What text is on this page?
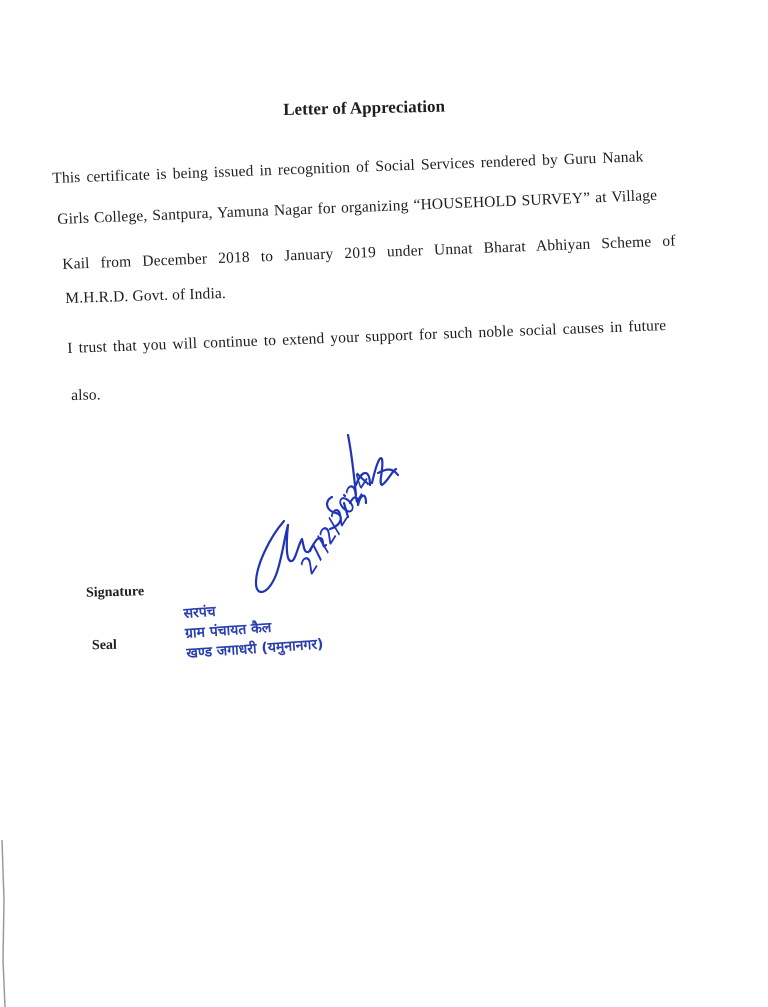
Letter of Appreciation
This certificate is being issued in recognition of Social Services rendered by Guru Nanak
Girls College, Santpura, Yamuna Nagar for organizing “HOUSEHOLD SURVEY” at Village
Kail from December 2018 to January 2019 under Unnat Bharat Abhiyan Scheme of
M.H.R.D. Govt. of India.
I trust that you will continue to extend your support for such noble social causes in future
also.
27/2/2024
Signature
Seal
सरपंच
ग्राम पंचायत कैल
खण्ड जगाधरी (यमुनानगर)
